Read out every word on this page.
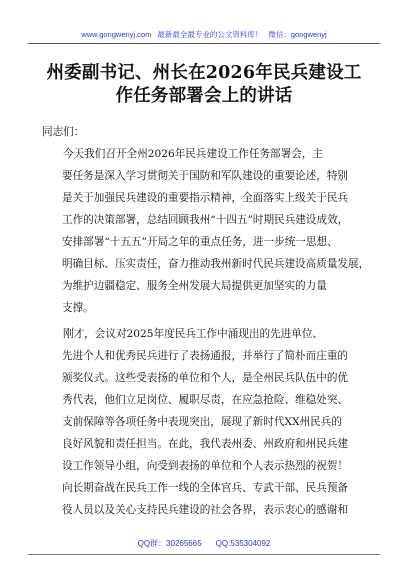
www.gongwenyj.com 最新最全最专业的公文资料库！ 微信：gongwenyj
州委副书记、州长在2026年民兵建设工
作任务部署会上的讲话
同志们：
今天我们召开全州2026年民兵建设工作任务部署会，主
要任务是深入学习贯彻关于国防和军队建设的重要论述，特别
是关于加强民兵建设的重要指示精神，全面落实上级关于民兵
工作的决策部署，总结回顾我州“十四五”时期民兵建设成效，
安排部署“十五五”开局之年的重点任务，进一步统一思想、
明确目标、压实责任，奋力推动我州新时代民兵建设高质量发展，
为维护边疆稳定、服务全州发展大局提供更加坚实的力量
支撑。
刚才，会议对2025年度民兵工作中涌现出的先进单位、
先进个人和优秀民兵进行了表扬通报，并举行了简朴而庄重的
颁奖仪式。这些受表扬的单位和个人，是全州民兵队伍中的优
秀代表，他们立足岗位、履职尽责，在应急抢险、维稳处突、
支前保障等各项任务中表现突出，展现了新时代XX州民兵的
良好风貌和责任担当。在此，我代表州委、州政府和州民兵建
设工作领导小组，向受到表扬的单位和个人表示热烈的祝贺！
向长期奋战在民兵工作一线的全体官兵、专武干部、民兵预备
役人员以及关心支持民兵建设的社会各界，表示衷心的感谢和
QQ群：30265665 QQ:535304092
